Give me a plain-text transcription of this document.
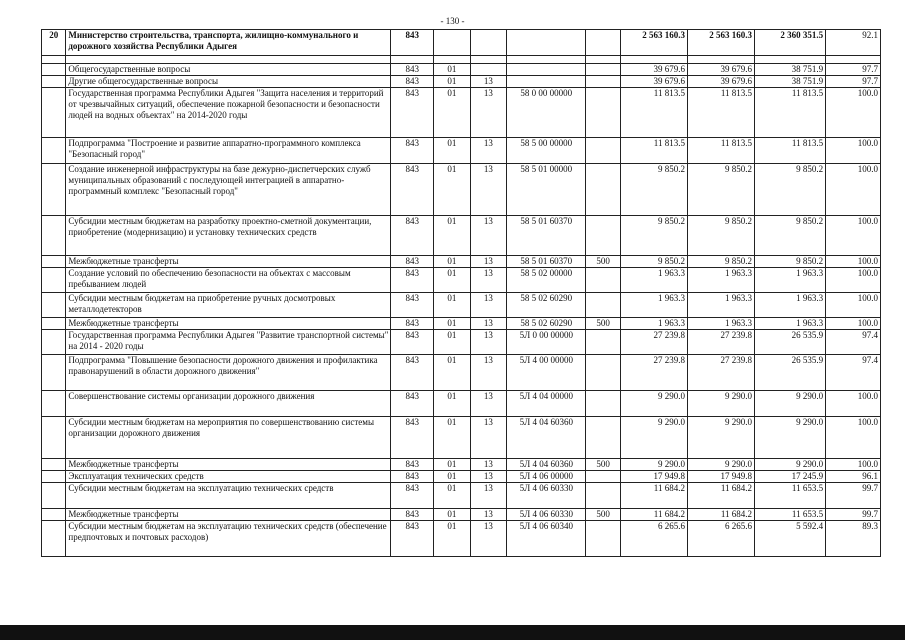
- 130 -
20	Министерство строительства, транспорта, жилищно-коммунального и дорожного хозяйства Республики Адыгея	843					2 563 160.3	2 563 160.3	2 360 351.5	92.1

	Общегосударственные вопросы	843	01				39 679.6	39 679.6	38 751.9	97.7
	Другие общегосударственные вопросы	843	01	13			39 679.6	39 679.6	38 751.9	97.7
	Государственная программа Республики Адыгея "Защита населения и территорий от чрезвычайных ситуаций, обеспечение пожарной безопасности и безопасности людей на водных объектах" на 2014-2020 годы	843	01	13	58 0 00 00000		11 813.5	11 813.5	11 813.5	100.0
	Подпрограмма "Построение и развитие аппаратно-программного комплекса "Безопасный город"	843	01	13	58 5 00 00000		11 813.5	11 813.5	11 813.5	100.0
	Создание инженерной инфраструктуры на базе дежурно-диспетчерских служб муниципальных образований с последующей интеграцией в аппаратно-программный комплекс "Безопасный город"	843	01	13	58 5 01 00000		9 850.2	9 850.2	9 850.2	100.0
	Субсидии местным бюджетам на разработку проектно-сметной документации, приобретение (модернизацию) и установку технических средств	843	01	13	58 5 01 60370		9 850.2	9 850.2	9 850.2	100.0
	Межбюджетные трансферты	843	01	13	58 5 01 60370	500	9 850.2	9 850.2	9 850.2	100.0
	Создание условий по обеспечению безопасности на объектах с массовым пребыванием людей	843	01	13	58 5 02 00000		1 963.3	1 963.3	1 963.3	100.0
	Субсидии местным бюджетам на приобретение ручных досмотровых металлодетекторов	843	01	13	58 5 02 60290		1 963.3	1 963.3	1 963.3	100.0
	Межбюджетные трансферты	843	01	13	58 5 02 60290	500	1 963.3	1 963.3	1 963.3	100.0
	Государственная программа Республики Адыгея "Развитие транспортной системы" на 2014 - 2020 годы	843	01	13	5Л 0 00 00000		27 239.8	27 239.8	26 535.9	97.4
	Подпрограмма "Повышение безопасности дорожного движения и профилактика правонарушений в области дорожного движения"	843	01	13	5Л 4 00 00000		27 239.8	27 239.8	26 535.9	97.4
	Совершенствование системы организации дорожного движения	843	01	13	5Л 4 04 00000		9 290.0	9 290.0	9 290.0	100.0
	Субсидии местным бюджетам на мероприятия по совершенствованию системы организации дорожного движения	843	01	13	5Л 4 04 60360		9 290.0	9 290.0	9 290.0	100.0
	Межбюджетные трансферты	843	01	13	5Л 4 04 60360	500	9 290.0	9 290.0	9 290.0	100.0
	Эксплуатация технических средств	843	01	13	5Л 4 06 00000		17 949.8	17 949.8	17 245.9	96.1
	Субсидии местным бюджетам на эксплуатацию технических средств	843	01	13	5Л 4 06 60330		11 684.2	11 684.2	11 653.5	99.7
	Межбюджетные трансферты	843	01	13	5Л 4 06 60330	500	11 684.2	11 684.2	11 653.5	99.7
	Субсидии местным бюджетам на эксплуатацию технических средств (обеспечение предпочтовых и почтовых расходов)	843	01	13	5Л 4 06 60340		6 265.6	6 265.6	5 592.4	89.3
